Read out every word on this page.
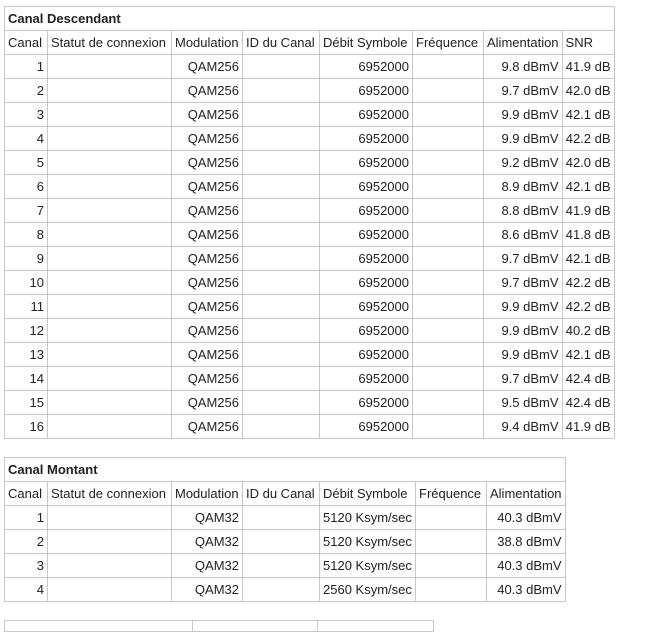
Canal Descendant							
Canal	Statut de connexion	Modulation	ID du Canal	Débit Symbole	Fréquence	Alimentation	SNR
1		QAM256		6952000		9.8 dBmV	41.9 dB
2		QAM256		6952000		9.7 dBmV	42.0 dB
3		QAM256		6952000		9.9 dBmV	42.1 dB
4		QAM256		6952000		9.9 dBmV	42.2 dB
5		QAM256		6952000		9.2 dBmV	42.0 dB
6		QAM256		6952000		8.9 dBmV	42.1 dB
7		QAM256		6952000		8.8 dBmV	41.9 dB
8		QAM256		6952000		8.6 dBmV	41.8 dB
9		QAM256		6952000		9.7 dBmV	42.1 dB
10		QAM256		6952000		9.7 dBmV	42.2 dB
11		QAM256		6952000		9.9 dBmV	42.2 dB
12		QAM256		6952000		9.9 dBmV	40.2 dB
13		QAM256		6952000		9.9 dBmV	42.1 dB
14		QAM256		6952000		9.7 dBmV	42.4 dB
15		QAM256		6952000		9.5 dBmV	42.4 dB
16		QAM256		6952000		9.4 dBmV	41.9 dB
Canal Montant						
Canal	Statut de connexion	Modulation	ID du Canal	Débit Symbole	Fréquence	Alimentation
1		QAM32		5120 Ksym/sec		40.3 dBmV
2		QAM32		5120 Ksym/sec		38.8 dBmV
3		QAM32		5120 Ksym/sec		40.3 dBmV
4		QAM32		2560 Ksym/sec		40.3 dBmV
